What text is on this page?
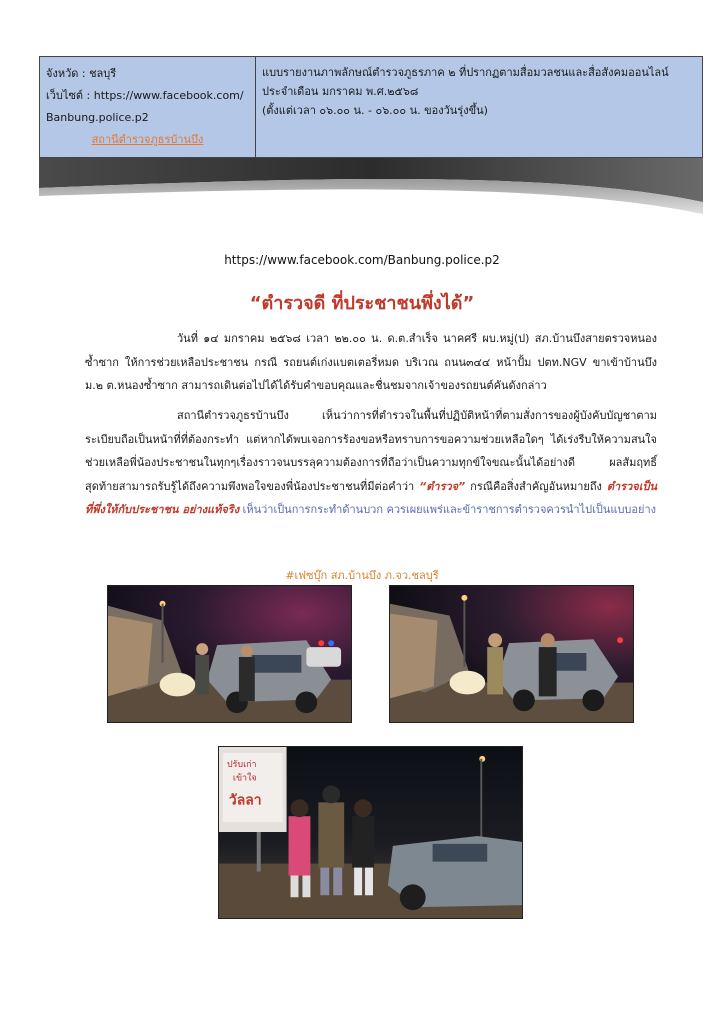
จังหวัด : ชลบุรี
เว็บไซต์ : https://www.facebook.com/
Banbung.police.p2
สถานีตำรวจภูธรบ้านบึง
แบบรายงานภาพลักษณ์ตำรวจภูธรภาค ๒ ที่ปรากฏตามสื่อมวลชนและสื่อสังคมออนไลน์
ประจำเดือน มกราคม พ.ศ.๒๕๖๘
(ตั้งแต่เวลา ๐๖.๐๐ น. - ๐๖.๐๐ น. ของวันรุ่งขึ้น)
https://www.facebook.com/Banbung.police.p2
“ตำรวจดี ที่ประชาชนพึ่งได้”
วันที่ ๑๔ มกราคม ๒๕๖๘ เวลา ๒๒.๐๐ น. ด.ต.สำเร็จ นาคศรี ผบ.หมู่(ป) สภ.บ้านบึงสายตรวจหนองซ้ำซาก ให้การช่วยเหลือประชาชน กรณี รถยนต์เก่งแบตเตอรี่หมด บริเวณ ถนน๓๔๔ หน้าปั้ม ปตท.NGV ขาเข้าบ้านบึง ม.๒ ต.หนองซ้ำซาก สามารถเดินต่อไปได้ได้รับคำขอบคุณและชื่นชมจากเจ้าของรถยนต์คันดังกล่าว
สถานีตำรวจภูธรบ้านบึง เห็นว่าการที่ตำรวจในพื้นที่ปฏิบัติหน้าที่ตามสั่งการของผู้บังคับบัญชาตามระเบียบถือเป็นหน้าที่ที่ต้องกระทำ แต่หากได้พบเจอการร้องขอหรือทราบการขอความช่วยเหลือใดๆ ได้เร่งรีบให้ความสนใจช่วยเหลือพี่น้องประชาชนในทุกๆเรื่องราวจนบรรลุความต้องการที่ถือว่าเป็นความทุกข์ใจขณะนั้นได้อย่างดี ผลสัมฤทธิ์สุดท้ายสามารถรับรู้ได้ถึงความพึงพอใจของพี่น้องประชาชนที่มีต่อคำว่า “ตำรวจ” กรณีคือสิ่งสำคัญอันหมายถึง ตำรวจเป็นที่พึ่งให้กับประชาชน อย่างแท้จริง เห็นว่าเป็นการกระทำด้านบวก ควรเผยแพร่และข้าราชการตำรวจควรนำไปเป็นแบบอย่าง
#เฟซบุ๊ก สภ.บ้านบึง ภ.จว.ชลบุรี
ปรับเก่า
เข้าใจ
วัลลา
